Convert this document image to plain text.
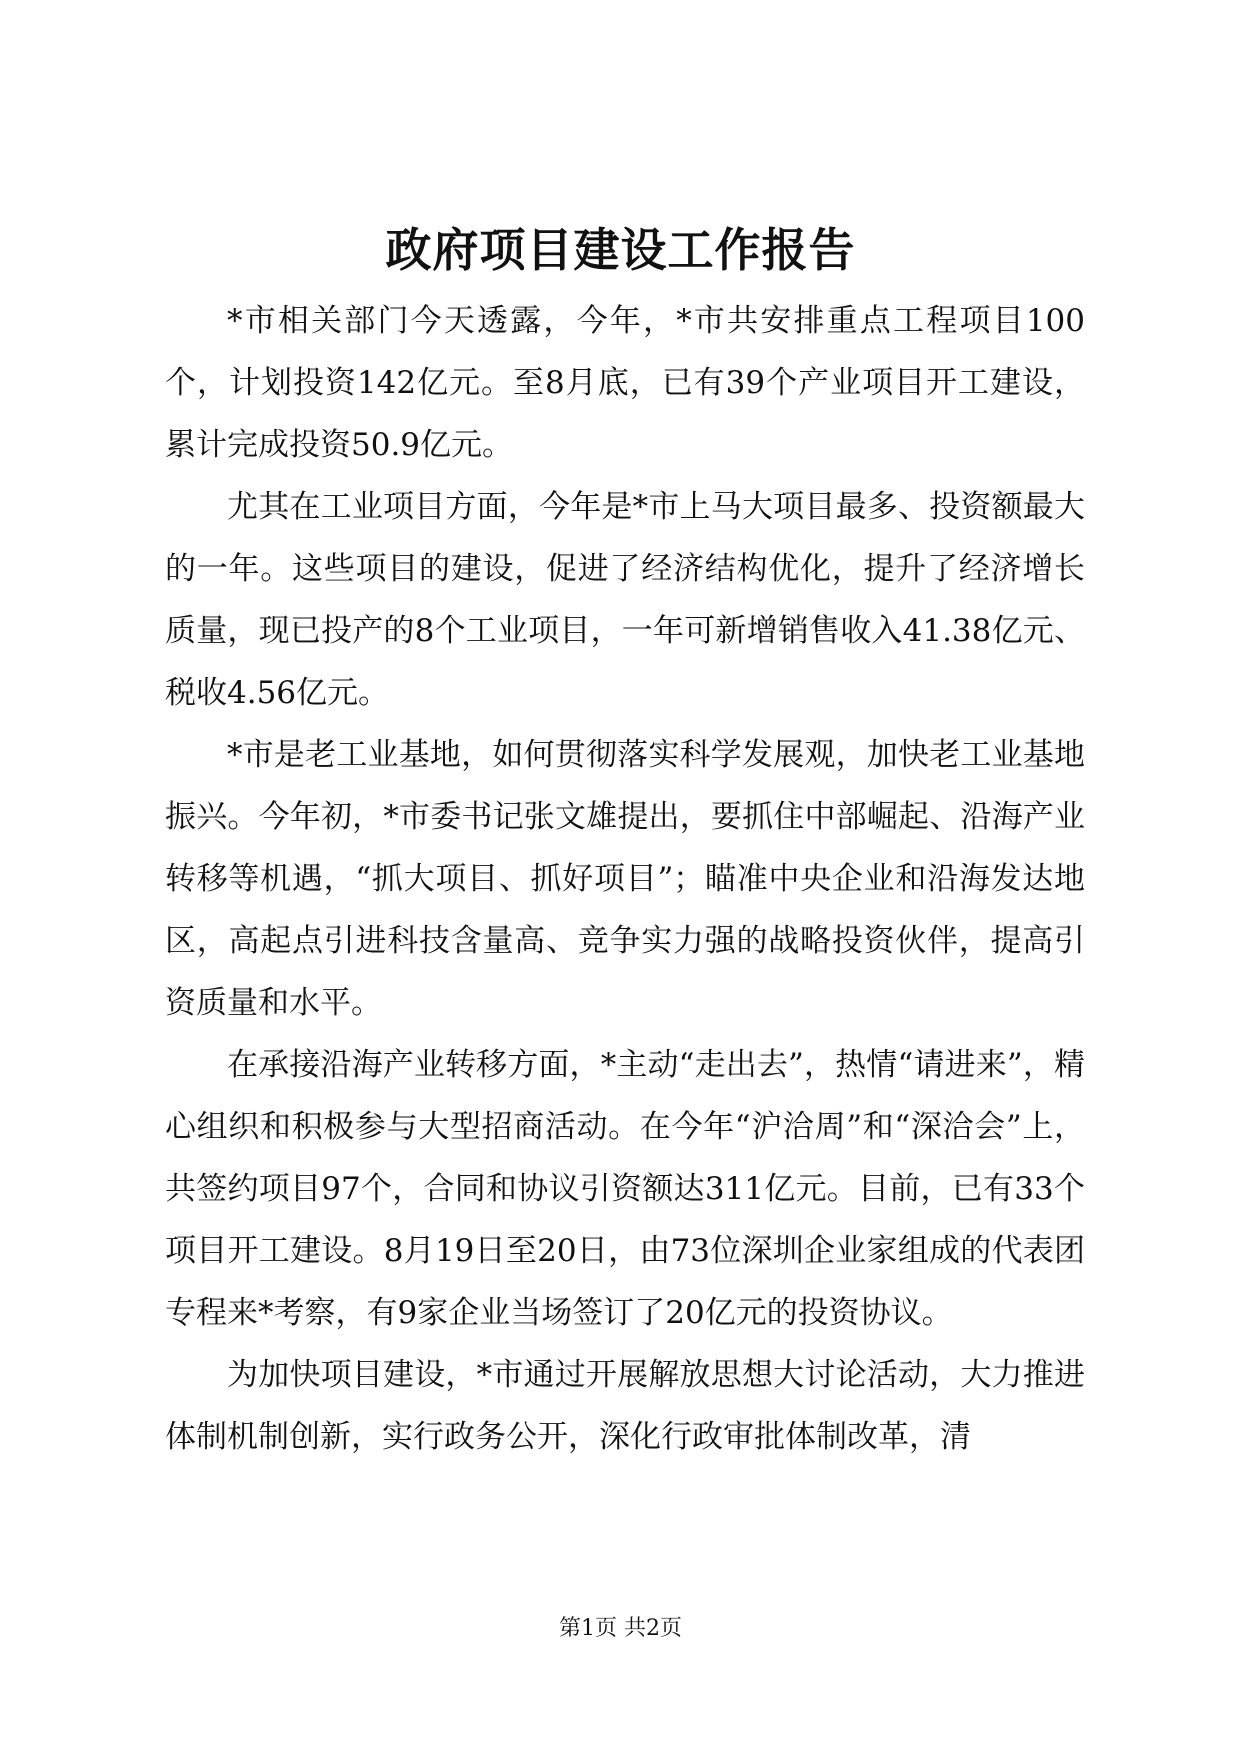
政府项目建设工作报告

*市相关部门今天透露，今年，*市共安排重点工程项目100个，计划投资142亿元。至8月底，已有39个产业项目开工建设，累计完成投资50.9亿元。

尤其在工业项目方面，今年是*市上马大项目最多、投资额最大的一年。这些项目的建设，促进了经济结构优化，提升了经济增长质量，现已投产的8个工业项目，一年可新增销售收入41.38亿元、税收4.56亿元。

*市是老工业基地，如何贯彻落实科学发展观，加快老工业基地振兴。今年初，*市委书记张文雄提出，要抓住中部崛起、沿海产业转移等机遇，“抓大项目、抓好项目”；瞄准中央企业和沿海发达地区，高起点引进科技含量高、竞争实力强的战略投资伙伴，提高引资质量和水平。

在承接沿海产业转移方面，*主动“走出去”，热情“请进来”，精心组织和积极参与大型招商活动。在今年“沪洽周”和“深洽会”上，共签约项目97个，合同和协议引资额达311亿元。目前，已有33个项目开工建设。8月19日至20日，由73位深圳企业家组成的代表团专程来*考察，有9家企业当场签订了20亿元的投资协议。

为加快项目建设，*市通过开展解放思想大讨论活动，大力推进体制机制创新，实行政务公开，深化行政审批体制改革，清

第1页 共2页
